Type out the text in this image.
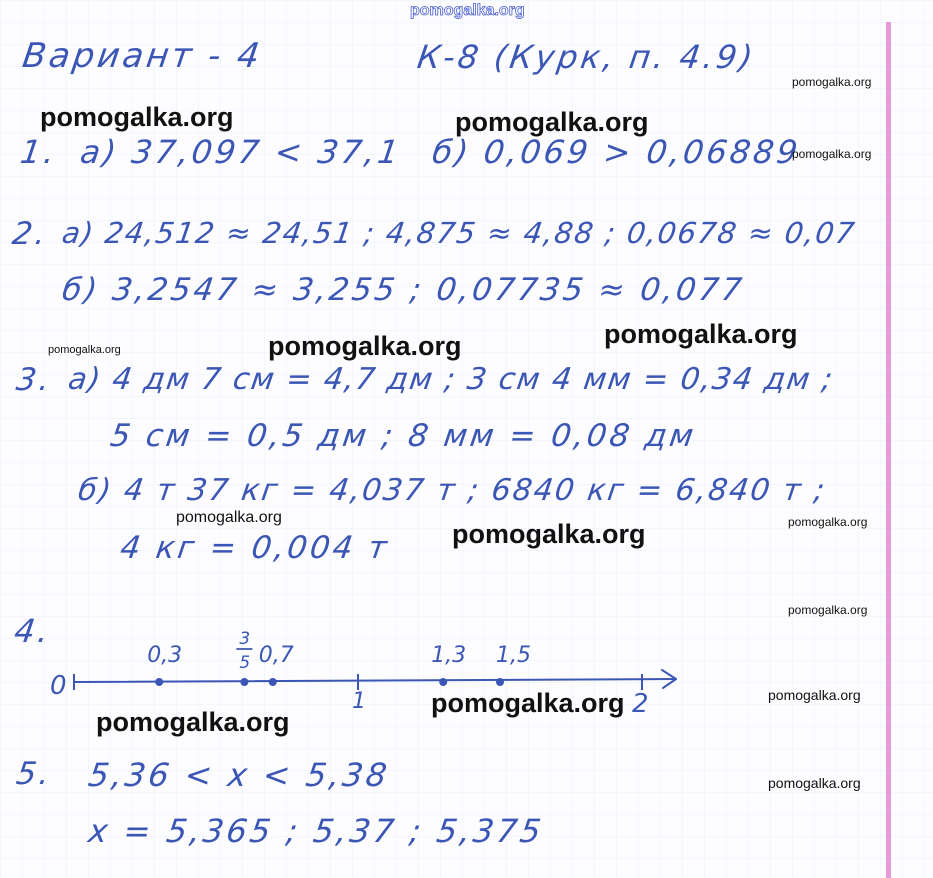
pomogalka.org
Вариант - 4	К-8 (Курк, п. 4.9)
1. а) 37,097 < 37,1 б) 0,069 > 0,06889
2. а) 24,512 ≈ 24,51 ; 4,875 ≈ 4,88 ; 0,0678 ≈ 0,07
б) 3,2547 ≈ 3,255 ; 0,07735 ≈ 0,077
3. а) 4 дм 7 см = 4,7 дм ; 3 см 4 мм = 0,34 дм ;
5 см = 0,5 дм ; 8 мм = 0,08 дм
б) 4 т 37 кг = 4,037 т ; 6840 кг = 6,840 т ;
4 кг = 0,004 т
4.
0
1	2
0,3
3
5 0,7	1,3 1,5
5. 5,36 < x < 5,38
x = 5,365 ; 5,37 ; 5,375
pomogalka.org	pomogalka.org
pomogalka.org	pomogalka.org
pomogalka.org
pomogalka.org
pomogalka.org
pomogalka.org
pomogalka.org
pomogalka.org
pomogalka.org	pomogalka.org
pomogalka.org
pomogalka.org
pomogalka.org
